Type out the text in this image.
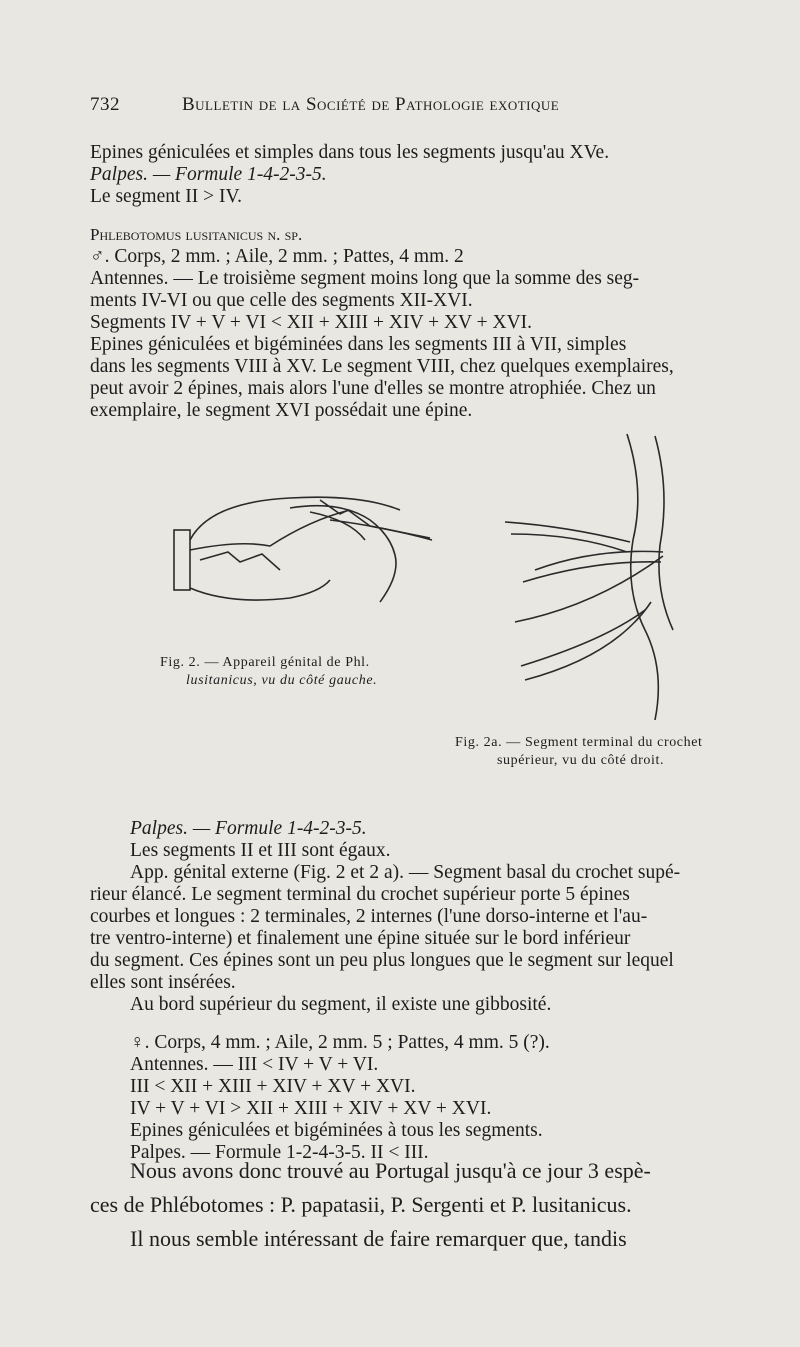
732	Bulletin de la Société de Pathologie exotique
Epines géniculées et simples dans tous les segments jusqu'au XVe.
Palpes. — Formule 1-4-2-3-5.
Le segment II > IV.
Phlebotomus lusitanicus n. sp.
♂. Corps, 2 mm. ; Aile, 2 mm. ; Pattes, 4 mm. 2
Antennes. — Le troisième segment moins long que la somme des seg-
ments IV-VI ou que celle des segments XII-XVI.
Segments IV + V + VI < XII + XIII + XIV + XV + XVI.
Epines géniculées et bigéminées dans les segments III à VII, simples
dans les segments VIII à XV. Le segment VIII, chez quelques exemplaires,
peut avoir 2 épines, mais alors l'une d'elles se montre atrophiée. Chez un
exemplaire, le segment XVI possédait une épine.
Fig. 2. — Appareil génital de Phl.
lusitanicus, vu du côté gauche.
Fig. 2a. — Segment terminal du crochet
supérieur, vu du côté droit.
Palpes. — Formule 1-4-2-3-5.
Les segments II et III sont égaux.
App. génital externe (Fig. 2 et 2 a). — Segment basal du crochet supé-
rieur élancé. Le segment terminal du crochet supérieur porte 5 épines
courbes et longues : 2 terminales, 2 internes (l'une dorso-interne et l'au-
tre ventro-interne) et finalement une épine située sur le bord inférieur
du segment. Ces épines sont un peu plus longues que le segment sur lequel
elles sont insérées.
Au bord supérieur du segment, il existe une gibbosité.
♀. Corps, 4 mm. ; Aile, 2 mm. 5 ; Pattes, 4 mm. 5 (?).
Antennes. — III < IV + V + VI.
III < XII + XIII + XIV + XV + XVI.
IV + V + VI > XII + XIII + XIV + XV + XVI.
Epines géniculées et bigéminées à tous les segments.
Palpes. — Formule 1-2-4-3-5. II < III.
Nous avons donc trouvé au Portugal jusqu'à ce jour 3 espè-
ces de Phlébotomes : P. papatasii, P. Sergenti et P. lusitanicus.
Il nous semble intéressant de faire remarquer que, tandis
